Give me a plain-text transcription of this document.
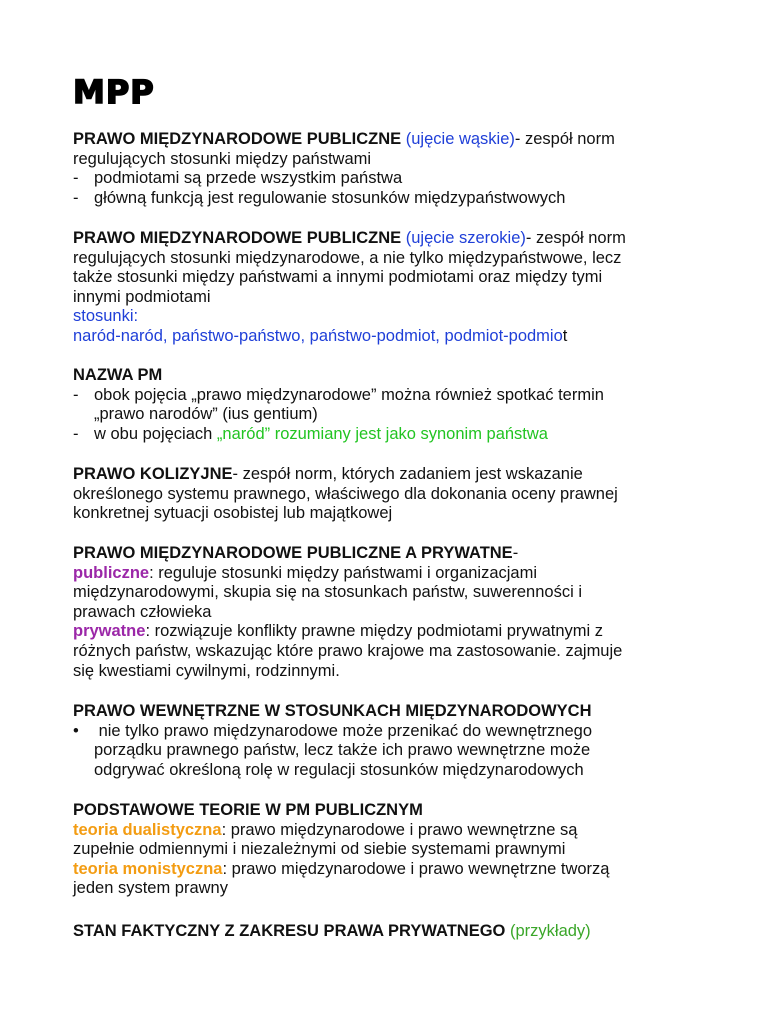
MPP
PRAWO MIĘDZYNARODOWE PUBLICZNE (ujęcie wąskie)- zespół norm
regulujących stosunki między państwami
- podmiotami są przede wszystkim państwa
- główną funkcją jest regulowanie stosunków międzypaństwowych
PRAWO MIĘDZYNARODOWE PUBLICZNE (ujęcie szerokie)- zespół norm
regulujących stosunki międzynarodowe, a nie tylko międzypaństwowe, lecz
także stosunki między państwami a innymi podmiotami oraz między tymi
innymi podmiotami
stosunki:
naród-naród, państwo-państwo, państwo-podmiot, podmiot-podmiot
NAZWA PM
- obok pojęcia „prawo międzynarodowe” można również spotkać termin
„prawo narodów” (ius gentium)
- w obu pojęciach „naród” rozumiany jest jako synonim państwa
PRAWO KOLIZYJNE- zespół norm, których zadaniem jest wskazanie
określonego systemu prawnego, właściwego dla dokonania oceny prawnej
konkretnej sytuacji osobistej lub majątkowej
PRAWO MIĘDZYNARODOWE PUBLICZNE A PRYWATNE-
publiczne: reguluje stosunki między państwami i organizacjami
międzynarodowymi, skupia się na stosunkach państw, suwerenności i
prawach człowieka
prywatne: rozwiązuje konflikty prawne między podmiotami prywatnymi z
różnych państw, wskazując które prawo krajowe ma zastosowanie. zajmuje
się kwestiami cywilnymi, rodzinnymi.
PRAWO WEWNĘTRZNE W STOSUNKACH MIĘDZYNARODOWYCH
• nie tylko prawo międzynarodowe może przenikać do wewnętrznego
porządku prawnego państw, lecz także ich prawo wewnętrzne może
odgrywać określoną rolę w regulacji stosunków międzynarodowych
PODSTAWOWE TEORIE W PM PUBLICZNYM
teoria dualistyczna: prawo międzynarodowe i prawo wewnętrzne są
zupełnie odmiennymi i niezależnymi od siebie systemami prawnymi
teoria monistyczna: prawo międzynarodowe i prawo wewnętrzne tworzą
jeden system prawny
STAN FAKTYCZNY Z ZAKRESU PRAWA PRYWATNEGO (przykłady)
